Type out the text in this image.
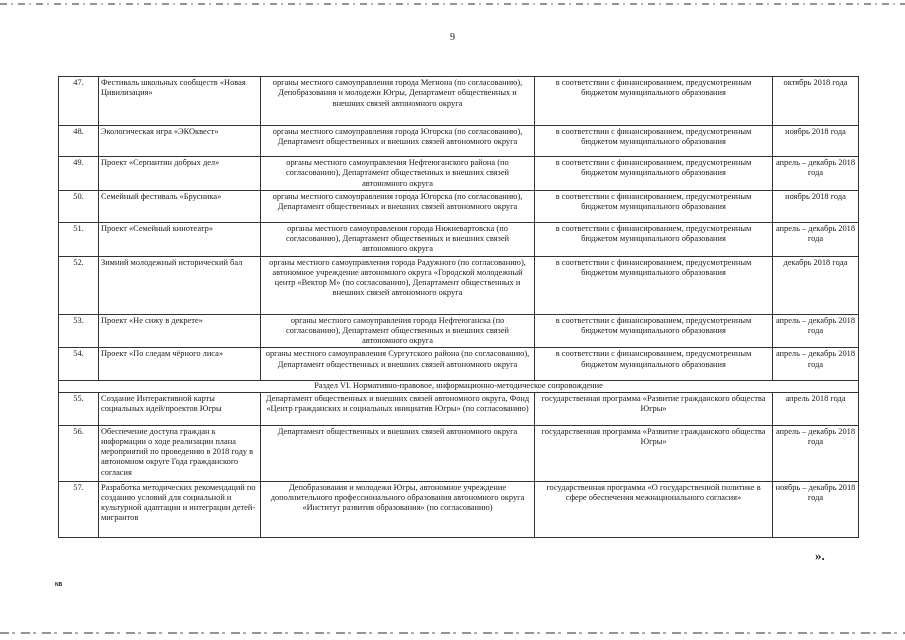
9
47.	Фестиваль школьных сообществ «Новая Цивилизация»	органы местного самоуправления города Мегиона (по согласованию), Депобразования и молодежи Югры, Департамент общественных и внешних связей автономного округа	в соответствии с финансированием, предусмотренным бюджетом муниципального образования	октябрь 2018 года
48.	Экологическая игра «ЭКОквест»	органы местного самоуправления города Югорска (по согласованию), Департамент общественных и внешних связей автономного округа	в соответствии с финансированием, предусмотренным бюджетом муниципального образования	ноябрь 2018 года
49.	Проект «Серпантин добрых дел»	органы местного самоуправления Нефтеюганского района (по согласованию), Департамент общественных и внешних связей автономного округа	в соответствии с финансированием, предусмотренным бюджетом муниципального образования	апрель – декабрь 2018 года
50.	Семейный фестиваль «Брусника»	органы местного самоуправления города Югорска (по согласованию), Департамент общественных и внешних связей автономного округа	в соответствии с финансированием, предусмотренным бюджетом муниципального образования	ноябрь 2018 года
51.	Проект «Семейный кинотеатр»	органы местного самоуправления города Нижневартовска (по согласованию), Департамент общественных и внешних связей автономного округа	в соответствии с финансированием, предусмотренным бюджетом муниципального образования	апрель – декабрь 2018 года
52.	Зимний молодежный исторический бал	органы местного самоуправления города Радужного (по согласованию), автономное учреждение автономного округа «Городской молодежный центр «Вектор М» (по согласованию), Департамент общественных и внешних связей автономного округа	в соответствии с финансированием, предусмотренным бюджетом муниципального образования	декабрь 2018 года
53.	Проект «Не сижу в декрете»	органы местного самоуправления города Нефтеюганска (по согласованию), Департамент общественных и внешних связей автономного округа	в соответствии с финансированием, предусмотренным бюджетом муниципального образования	апрель – декабрь 2018 года
54.	Проект «По следам чёрного лиса»	органы местного самоуправления Сургутского района (по согласованию), Департамент общественных и внешних связей автономного округа	в соответствии с финансированием, предусмотренным бюджетом муниципального образования	апрель – декабрь 2018 года
Раздел VI. Нормативно-правовое, информационно-методическое сопровождение				
55.	Создание Интерактивной карты социальных идей/проектов Югры	Департамент общественных и внешних связей автономного округа, Фонд «Центр гражданских и социальных инициатив Югры» (по согласованию)	государственная программа «Развитие гражданского общества Югры»	апрель 2018 года
56.	Обеспечение доступа граждан к информации о ходе реализации плана мероприятий по проведению в 2018 году в автономном округе Года гражданского согласия	Департамент общественных и внешних связей автономного округа	государственная программа «Развитие гражданского общества Югры»	апрель – декабрь 2018 года
57.	Разработка методических рекомендаций по созданию условий для социальной и культурной адаптации и интеграции детей-мигрантов	Депобразования и молодежи Югры, автономное учреждение дополнительного профессионального образования автономного округа «Институт развития образования» (по согласованию)	государственная программа «О государственной политике в сфере обеспечения межнационального согласия»	ноябрь – декабрь 2018 года
».
NB
